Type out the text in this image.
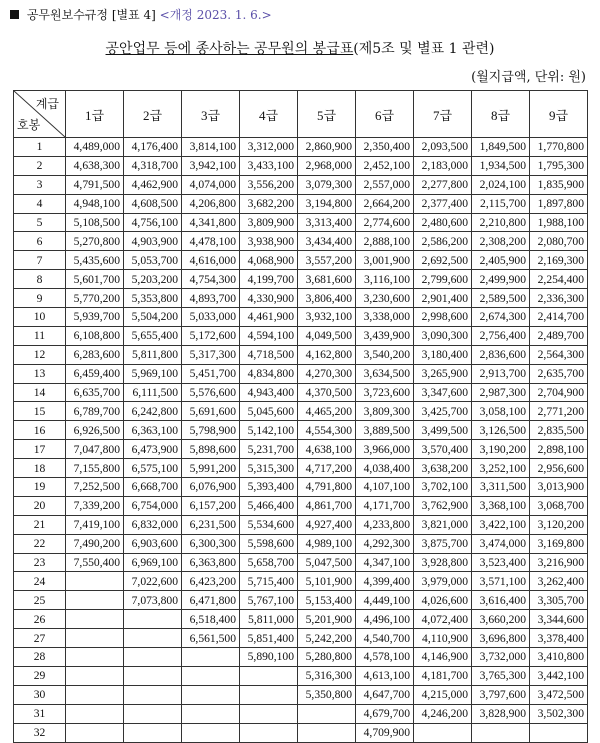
공무원보수규정 [별표 4] <개정 2023. 1. 6.>
공안업무 등에 종사하는 공무원의 봉급표(제5조 및 별표 1 관련)
(월지급액, 단위: 원)
계급
호봉	1급	2급	3급	4급	5급	6급	7급	8급	9급
1	4,489,000	4,176,400	3,814,100	3,312,000	2,860,900	2,350,400	2,093,500	1,849,500	1,770,800
2	4,638,300	4,318,700	3,942,100	3,433,100	2,968,000	2,452,100	2,183,000	1,934,500	1,795,300
3	4,791,500	4,462,900	4,074,000	3,556,200	3,079,300	2,557,000	2,277,800	2,024,100	1,835,900
4	4,948,100	4,608,500	4,206,800	3,682,200	3,194,800	2,664,200	2,377,400	2,115,700	1,897,800
5	5,108,500	4,756,100	4,341,800	3,809,900	3,313,400	2,774,600	2,480,600	2,210,800	1,988,100
6	5,270,800	4,903,900	4,478,100	3,938,900	3,434,400	2,888,100	2,586,200	2,308,200	2,080,700
7	5,435,600	5,053,700	4,616,000	4,068,900	3,557,200	3,001,900	2,692,500	2,405,900	2,169,300
8	5,601,700	5,203,200	4,754,300	4,199,700	3,681,600	3,116,100	2,799,600	2,499,900	2,254,400
9	5,770,200	5,353,800	4,893,700	4,330,900	3,806,400	3,230,600	2,901,400	2,589,500	2,336,300
10	5,939,700	5,504,200	5,033,000	4,461,900	3,932,100	3,338,000	2,998,600	2,674,300	2,414,700
11	6,108,800	5,655,400	5,172,600	4,594,100	4,049,500	3,439,900	3,090,300	2,756,400	2,489,700
12	6,283,600	5,811,800	5,317,300	4,718,500	4,162,800	3,540,200	3,180,400	2,836,600	2,564,300
13	6,459,400	5,969,100	5,451,700	4,834,800	4,270,300	3,634,500	3,265,900	2,913,700	2,635,700
14	6,635,700	6,111,500	5,576,600	4,943,400	4,370,500	3,723,600	3,347,600	2,987,300	2,704,900
15	6,789,700	6,242,800	5,691,600	5,045,600	4,465,200	3,809,300	3,425,700	3,058,100	2,771,200
16	6,926,500	6,363,100	5,798,900	5,142,100	4,554,300	3,889,500	3,499,500	3,126,500	2,835,500
17	7,047,800	6,473,900	5,898,600	5,231,700	4,638,100	3,966,000	3,570,400	3,190,200	2,898,100
18	7,155,800	6,575,100	5,991,200	5,315,300	4,717,200	4,038,400	3,638,200	3,252,100	2,956,600
19	7,252,500	6,668,700	6,076,900	5,393,400	4,791,800	4,107,100	3,702,100	3,311,500	3,013,900
20	7,339,200	6,754,000	6,157,200	5,466,400	4,861,700	4,171,700	3,762,900	3,368,100	3,068,700
21	7,419,100	6,832,000	6,231,500	5,534,600	4,927,400	4,233,800	3,821,000	3,422,100	3,120,200
22	7,490,200	6,903,600	6,300,300	5,598,600	4,989,100	4,292,300	3,875,700	3,474,000	3,169,800
23	7,550,400	6,969,100	6,363,800	5,658,700	5,047,500	4,347,100	3,928,800	3,523,400	3,216,900
24		7,022,600	6,423,200	5,715,400	5,101,900	4,399,400	3,979,000	3,571,100	3,262,400
25		7,073,800	6,471,800	5,767,100	5,153,400	4,449,100	4,026,600	3,616,400	3,305,700
26			6,518,400	5,811,000	5,201,900	4,496,100	4,072,400	3,660,200	3,344,600
27			6,561,500	5,851,400	5,242,200	4,540,700	4,110,900	3,696,800	3,378,400
28				5,890,100	5,280,800	4,578,100	4,146,900	3,732,000	3,410,800
29					5,316,300	4,613,100	4,181,700	3,765,300	3,442,100
30					5,350,800	4,647,700	4,215,000	3,797,600	3,472,500
31						4,679,700	4,246,200	3,828,900	3,502,300
32						4,709,900			
